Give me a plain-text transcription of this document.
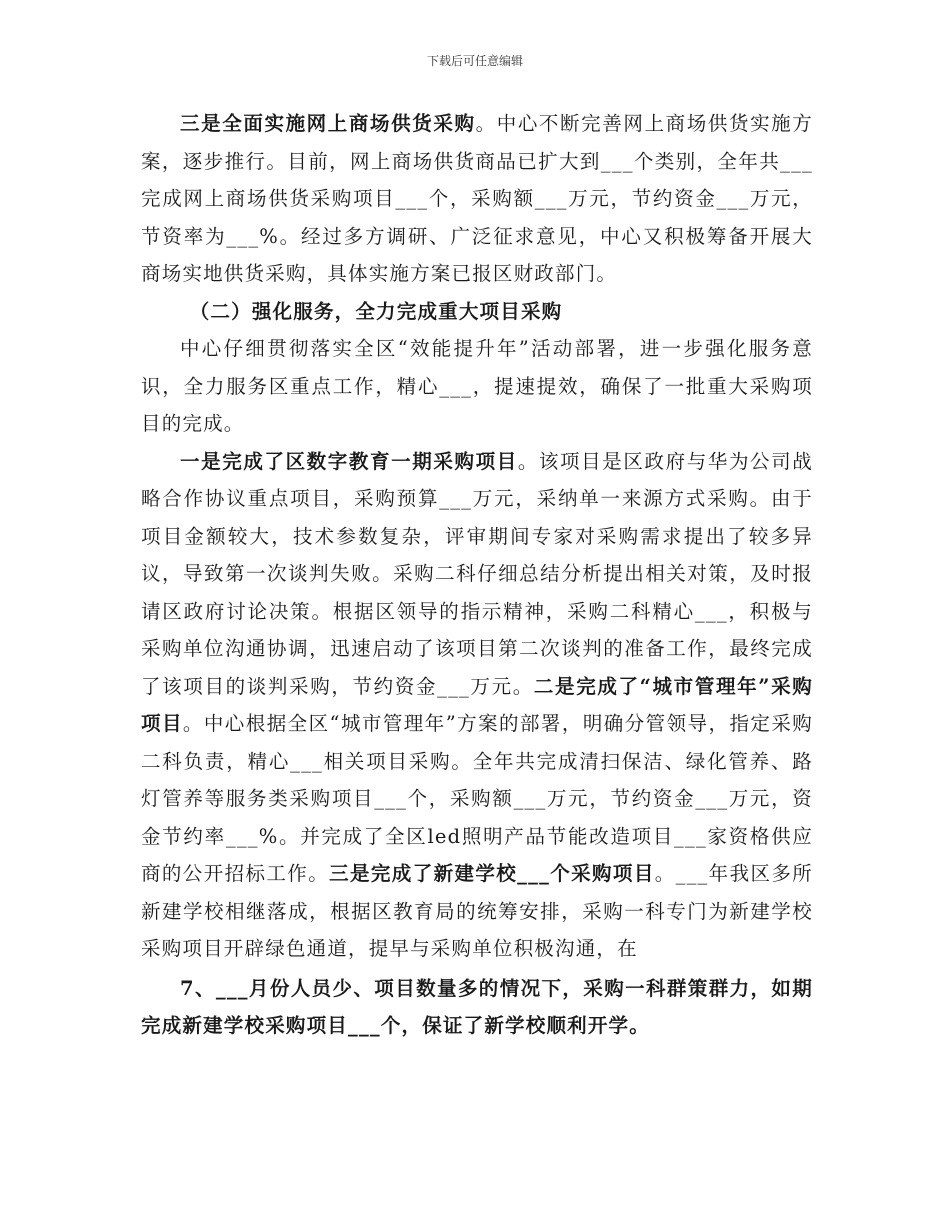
下载后可任意编辑

三是全面实施网上商场供货采购。中心不断完善网上商场供货实施方案，逐步推行。目前，网上商场供货商品已扩大到___个类别，全年共___完成网上商场供货采购项目___个，采购额___万元，节约资金___万元，节资率为___%。经过多方调研、广泛征求意见，中心又积极筹备开展大商场实地供货采购，具体实施方案已报区财政部门。

（二）强化服务，全力完成重大项目采购

中心仔细贯彻落实全区“效能提升年”活动部署，进一步强化服务意识，全力服务区重点工作，精心___，提速提效，确保了一批重大采购项目的完成。

一是完成了区数字教育一期采购项目。该项目是区政府与华为公司战略合作协议重点项目，采购预算___万元，采纳单一来源方式采购。由于项目金额较大，技术参数复杂，评审期间专家对采购需求提出了较多异议，导致第一次谈判失败。采购二科仔细总结分析提出相关对策，及时报请区政府讨论决策。根据区领导的指示精神，采购二科精心___，积极与采购单位沟通协调，迅速启动了该项目第二次谈判的准备工作，最终完成了该项目的谈判采购，节约资金___万元。二是完成了“城市管理年”采购项目。中心根据全区“城市管理年”方案的部署，明确分管领导，指定采购二科负责，精心___相关项目采购。全年共完成清扫保洁、绿化管养、路灯管养等服务类采购项目___个，采购额___万元，节约资金___万元，资金节约率___%。并完成了全区led照明产品节能改造项目___家资格供应商的公开招标工作。三是完成了新建学校___个采购项目。___年我区多所新建学校相继落成，根据区教育局的统筹安排，采购一科专门为新建学校采购项目开辟绿色通道，提早与采购单位积极沟通，在

7、___月份人员少、项目数量多的情况下，采购一科群策群力，如期完成新建学校采购项目___个，保证了新学校顺利开学。
